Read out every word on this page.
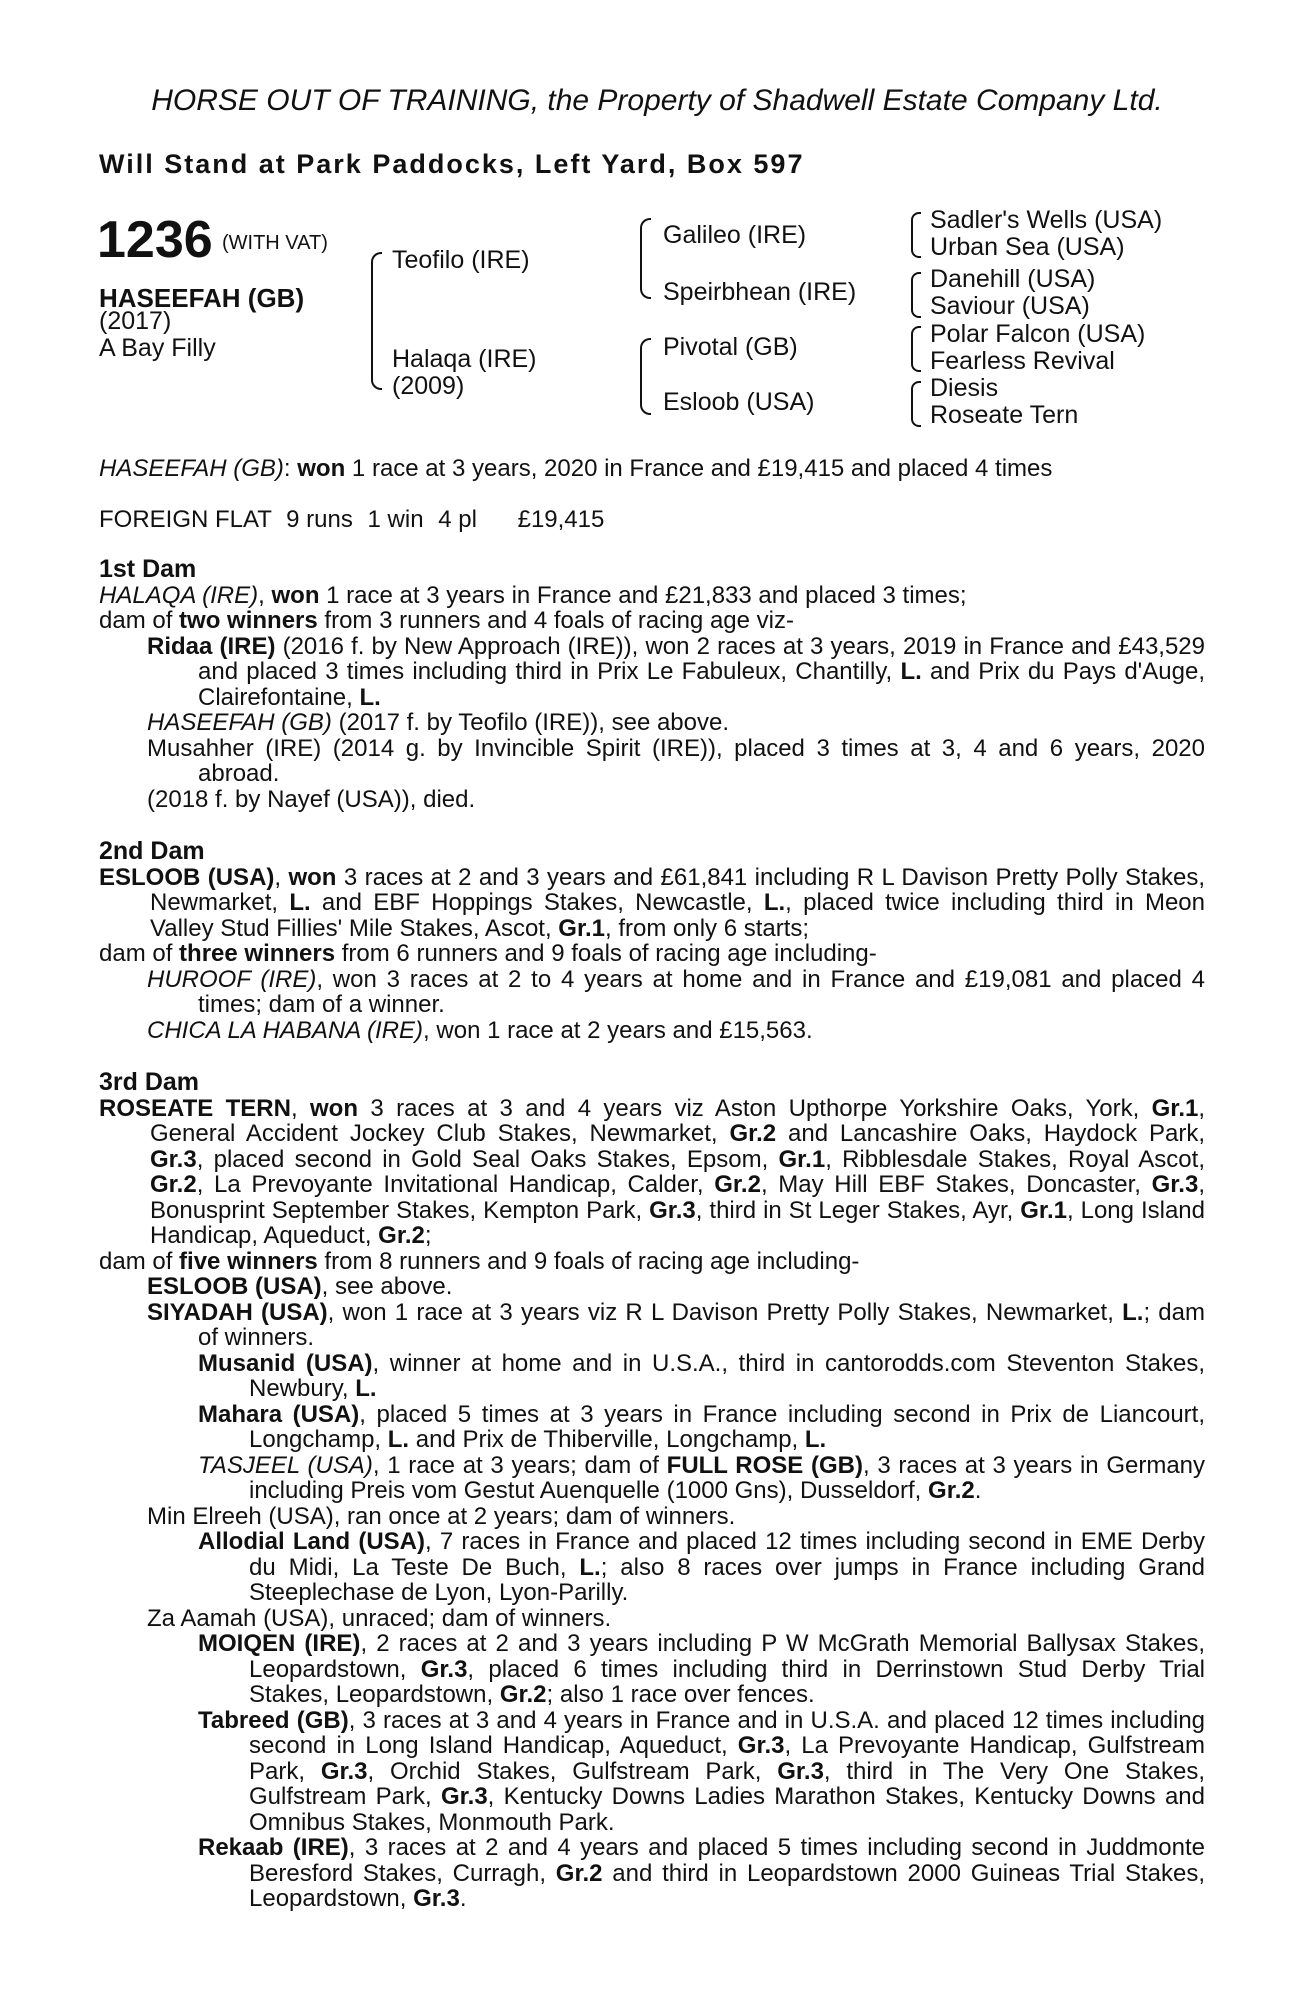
HORSE OUT OF TRAINING, the Property of Shadwell Estate Company Ltd.
Will Stand at Park Paddocks, Left Yard, Box 597
1236 (WITH VAT)
HASEEFAH (GB)
(2017)
A Bay Filly
Teofilo (IRE)
Halaqa (IRE)
(2009)
Galileo (IRE)
Speirbhean (IRE)
Pivotal (GB)
Esloob (USA)
Sadler's Wells (USA)
Urban Sea (USA)
Danehill (USA)
Saviour (USA)
Polar Falcon (USA)
Fearless Revival
Diesis
Roseate Tern
HASEEFAH (GB): won 1 race at 3 years, 2020 in France and £19,415 and placed 4 times
FOREIGN FLAT 9 runs 1 win 4 pl £19,415

1st Dam

HALAQA (IRE), won 1 race at 3 years in France and £21,833 and placed 3 times;

dam of two winners from 3 runners and 4 foals of racing age viz-

Ridaa (IRE) (2016 f. by New Approach (IRE)), won 2 races at 3 years, 2019 in France and £43,529 and placed 3 times including third in Prix Le Fabuleux, Chantilly, L. and Prix du Pays d'Auge, Clairefontaine, L.

HASEEFAH (GB) (2017 f. by Teofilo (IRE)), see above.

Musahher (IRE) (2014 g. by Invincible Spirit (IRE)), placed 3 times at 3, 4 and 6 years, 2020 abroad.

(2018 f. by Nayef (USA)), died.

2nd Dam

ESLOOB (USA), won 3 races at 2 and 3 years and £61,841 including R L Davison Pretty Polly Stakes, Newmarket, L. and EBF Hoppings Stakes, Newcastle, L., placed twice including third in Meon Valley Stud Fillies' Mile Stakes, Ascot, Gr.1, from only 6 starts;

dam of three winners from 6 runners and 9 foals of racing age including-

HUROOF (IRE), won 3 races at 2 to 4 years at home and in France and £19,081 and placed 4 times; dam of a winner.

CHICA LA HABANA (IRE), won 1 race at 2 years and £15,563.

3rd Dam

ROSEATE TERN, won 3 races at 3 and 4 years viz Aston Upthorpe Yorkshire Oaks, York, Gr.1, General Accident Jockey Club Stakes, Newmarket, Gr.2 and Lancashire Oaks, Haydock Park, Gr.3, placed second in Gold Seal Oaks Stakes, Epsom, Gr.1, Ribblesdale Stakes, Royal Ascot, Gr.2, La Prevoyante Invitational Handicap, Calder, Gr.2, May Hill EBF Stakes, Doncaster, Gr.3, Bonusprint September Stakes, Kempton Park, Gr.3, third in St Leger Stakes, Ayr, Gr.1, Long Island Handicap, Aqueduct, Gr.2;

dam of five winners from 8 runners and 9 foals of racing age including-

ESLOOB (USA), see above.

SIYADAH (USA), won 1 race at 3 years viz R L Davison Pretty Polly Stakes, Newmarket, L.; dam of winners.

Musanid (USA), winner at home and in U.S.A., third in cantorodds.com Steventon Stakes, Newbury, L.

Mahara (USA), placed 5 times at 3 years in France including second in Prix de Liancourt, Longchamp, L. and Prix de Thiberville, Longchamp, L.

TASJEEL (USA), 1 race at 3 years; dam of FULL ROSE (GB), 3 races at 3 years in Germany including Preis vom Gestut Auenquelle (1000 Gns), Dusseldorf, Gr.2.

Min Elreeh (USA), ran once at 2 years; dam of winners.

Allodial Land (USA), 7 races in France and placed 12 times including second in EME Derby du Midi, La Teste De Buch, L.; also 8 races over jumps in France including Grand Steeplechase de Lyon, Lyon-Parilly.

Za Aamah (USA), unraced; dam of winners.

MOIQEN (IRE), 2 races at 2 and 3 years including P W McGrath Memorial Ballysax Stakes, Leopardstown, Gr.3, placed 6 times including third in Derrinstown Stud Derby Trial Stakes, Leopardstown, Gr.2; also 1 race over fences.

Tabreed (GB), 3 races at 3 and 4 years in France and in U.S.A. and placed 12 times including second in Long Island Handicap, Aqueduct, Gr.3, La Prevoyante Handicap, Gulfstream Park, Gr.3, Orchid Stakes, Gulfstream Park, Gr.3, third in The Very One Stakes, Gulfstream Park, Gr.3, Kentucky Downs Ladies Marathon Stakes, Kentucky Downs and Omnibus Stakes, Monmouth Park.

Rekaab (IRE), 3 races at 2 and 4 years and placed 5 times including second in Juddmonte Beresford Stakes, Curragh, Gr.2 and third in Leopardstown 2000 Guineas Trial Stakes, Leopardstown, Gr.3.
